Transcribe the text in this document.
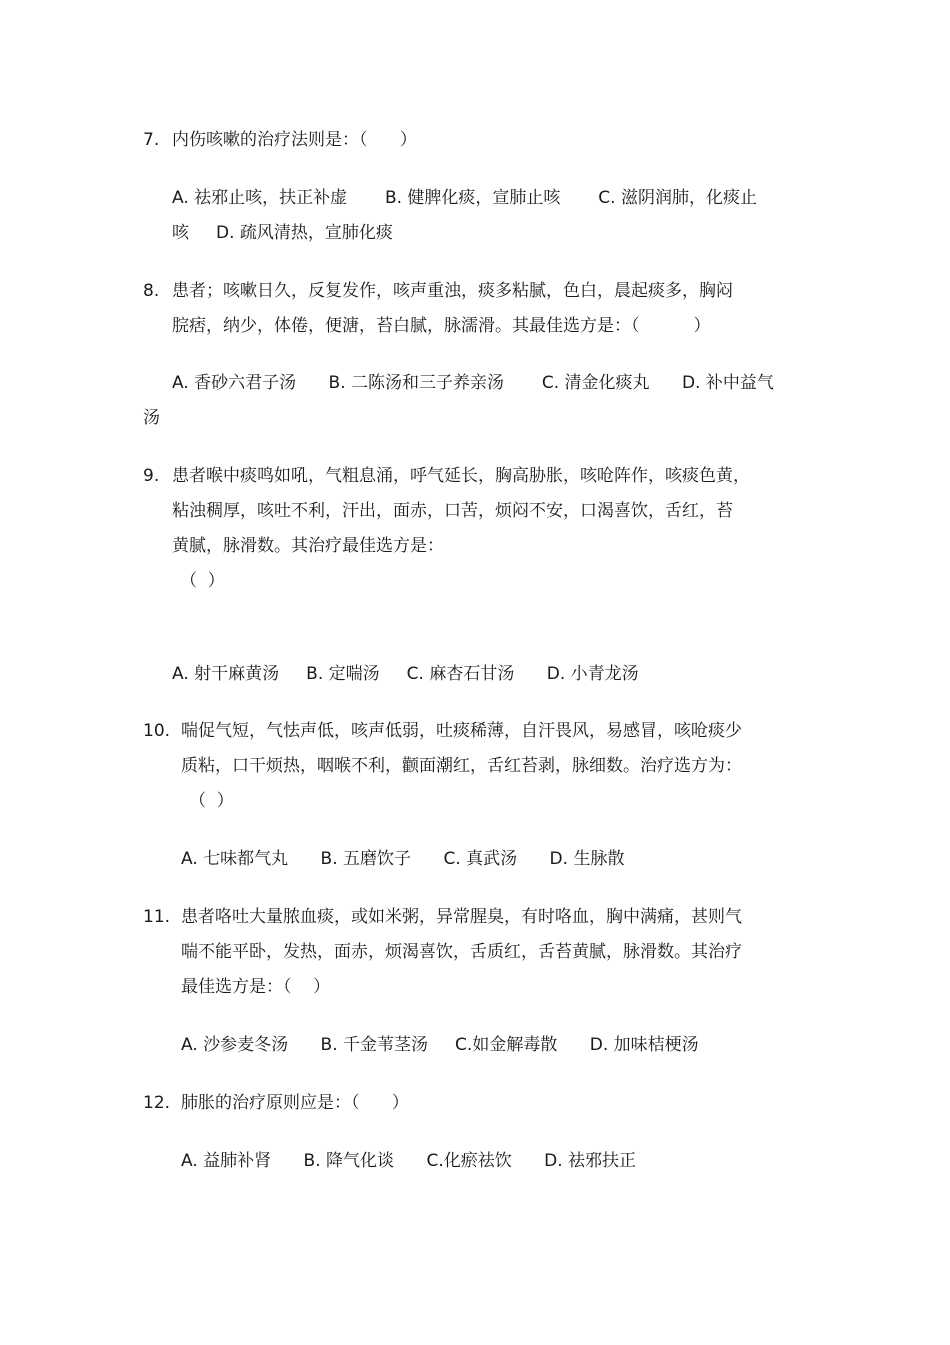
7. 内伤咳嗽的治疗法则是：（      ）
A. 祛邪止咳，扶正补虚       B. 健脾化痰，宣肺止咳       C. 滋阴润肺，化痰止
咳     D. 疏风清热，宣肺化痰
8. 患者；咳嗽日久，反复发作，咳声重浊，痰多粘腻，色白，晨起痰多，胸闷
脘痞，纳少，体倦，便溏，苔白腻，脉濡滑。其最佳选方是：（          ）
A. 香砂六君子汤      B. 二陈汤和三子养亲汤       C. 清金化痰丸      D. 补中益气
汤
9. 患者喉中痰鸣如吼，气粗息涌，呼气延长，胸高胁胀，咳呛阵作，咳痰色黄，
粘浊稠厚，咳吐不利，汗出，面赤，口苦，烦闷不安，口渴喜饮，舌红，苔
黄腻，脉滑数。其治疗最佳选方是：
（  ）
A. 射干麻黄汤     B. 定喘汤     C. 麻杏石甘汤      D. 小青龙汤
10. 喘促气短，气怯声低，咳声低弱，吐痰稀薄，自汗畏风，易感冒，咳呛痰少
质粘，口干烦热，咽喉不利，颧面潮红，舌红苔剥，脉细数。治疗选方为：
（  ）
A. 七味都气丸      B. 五磨饮子      C. 真武汤      D. 生脉散
11. 患者咯吐大量脓血痰，或如米粥，异常腥臭，有时咯血，胸中满痛，甚则气
喘不能平卧，发热，面赤，烦渴喜饮，舌质红，舌苔黄腻，脉滑数。其治疗
最佳选方是：（    ）
A. 沙参麦冬汤      B. 千金苇茎汤     C.如金解毒散      D. 加味桔梗汤
12. 肺胀的治疗原则应是：（      ）
A. 益肺补肾      B. 降气化谈      C.化瘀祛饮      D. 祛邪扶正
